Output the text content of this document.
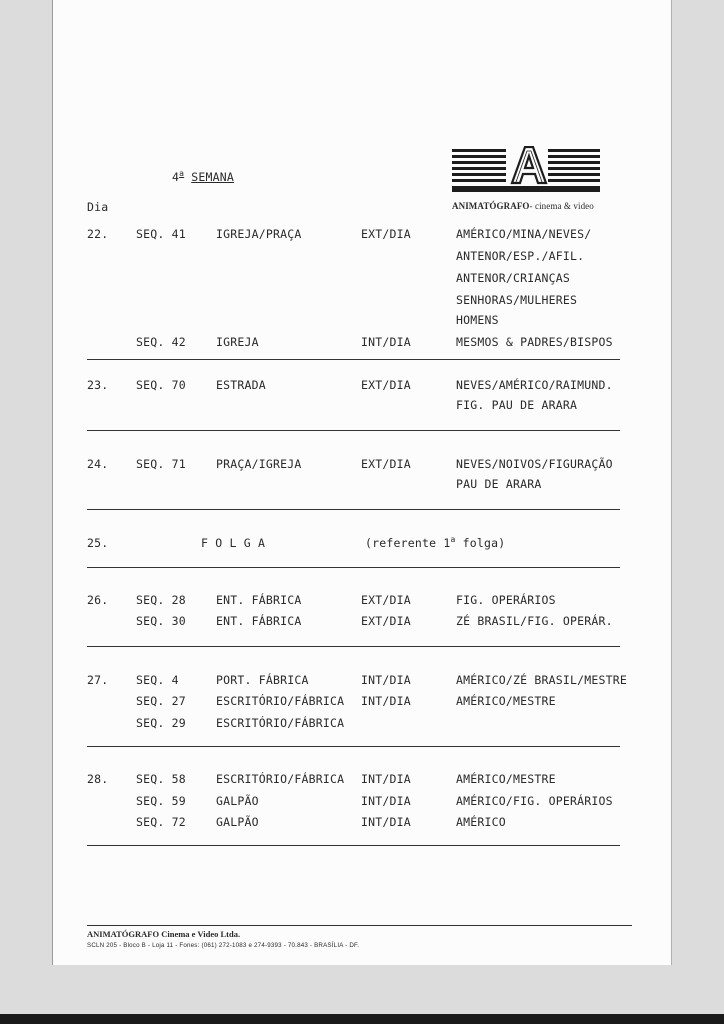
4$^a$ SEMANA
Dia	ANIMATÓGRAFO- cinema & video
22. SEQ. 41	IGREJA/PRAÇA	EXT/DIA	AMÉRICO/MINA/NEVES/
ANTENOR/ESP./AFIL.
ANTENOR/CRIANÇAS
SENHORAS/MULHERES
HOMENS
SEQ. 42	IGREJA	INT/DIA	MESMOS & PADRES/BISPOS
23. SEQ. 70	ESTRADA	EXT/DIA	NEVES/AMÉRICO/RAIMUND.
FIG. PAU DE ARARA
24. SEQ. 71	PRAÇA/IGREJA	EXT/DIA	NEVES/NOIVOS/FIGURAÇÃO
PAU DE ARARA
25.	F O L G A	(referente 1$^a$ folga)
26. SEQ. 28	ENT. FÁBRICA	EXT/DIA	FIG. OPERÁRIOS
SEQ. 30	ENT. FÁBRICA	EXT/DIA	ZÉ BRASIL/FIG. OPERÁR.
27. SEQ. 4	PORT. FÁBRICA	INT/DIA	AMÉRICO/ZÉ BRASIL/MESTRE
SEQ. 27	ESCRITÓRIO/FÁBRICA INT/DIA	AMÉRICO/MESTRE
SEQ. 29	ESCRITÓRIO/FÁBRICA
28. SEQ. 58	ESCRITÓRIO/FÁBRICA INT/DIA	AMÉRICO/MESTRE
SEQ. 59	GALPÃO	INT/DIA	AMÉRICO/FIG. OPERÁRIOS
SEQ. 72	GALPÃO	INT/DIA	AMÉRICO
ANIMATÓGRAFO Cinema e Video Ltda.
SCLN 205 - Bloco B - Loja 11 - Fones: (061) 272-1083 e 274-9393 - 70.843 - BRASÍLIA - DF.
